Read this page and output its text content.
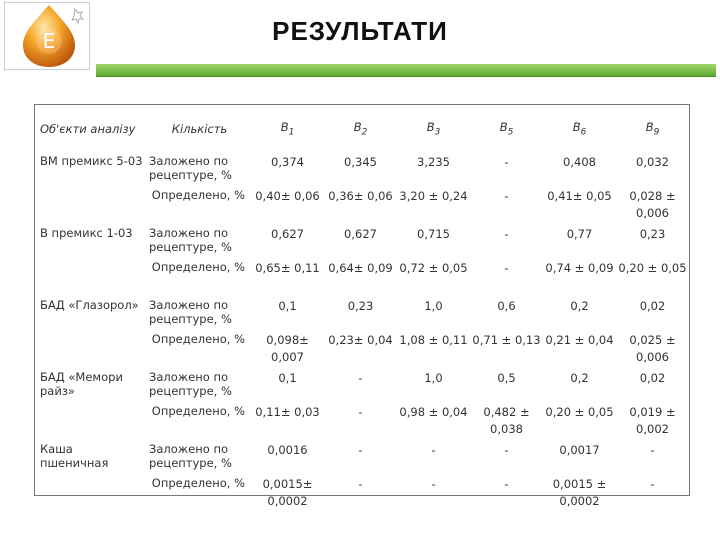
E	РЕЗУЛЬТАТИ
Об'єкти аналізу	Кількість	$B_1$	$B_2$	$B_3$	$B_5$	$B_6$	$B_9$
ВМ премикс 5-03	Заложено по рецептуре, %	0,374	0,345	3,235	-	0,408	0,032
	Определено, %	0,40± 0,06	0,36± 0,06	3,20 ± 0,24	-	0,41± 0,05	0,028 ± 0,006
В премикс 1-03	Заложено по рецептуре, %	0,627	0,627	0,715	-	0,77	0,23
	Определено, %	0,65± 0,11	0,64± 0,09	0,72 ± 0,05	-	0,74 ± 0,09	0,20 ± 0,05
БАД «Глазорол»	Заложено по рецептуре, %	0,1	0,23	1,0	0,6	0,2	0,02
	Определено, %	0,098± 0,007	0,23± 0,04	1,08 ± 0,11	0,71 ± 0,13	0,21 ± 0,04	0,025 ± 0,006
БАД «Мемори райз»	Заложено по рецептуре, %	0,1	-	1,0	0,5	0,2	0,02
	Определено, %	0,11± 0,03	-	0,98 ± 0,04	0,482 ± 0,038	0,20 ± 0,05	0,019 ± 0,002
Каша пшеничная	Заложено по рецептуре, %	0,0016	-	-	-	0,0017	-
	Определено, %	0,0015± 0,0002	-	-	-	0,0015 ± 0,0002	-
